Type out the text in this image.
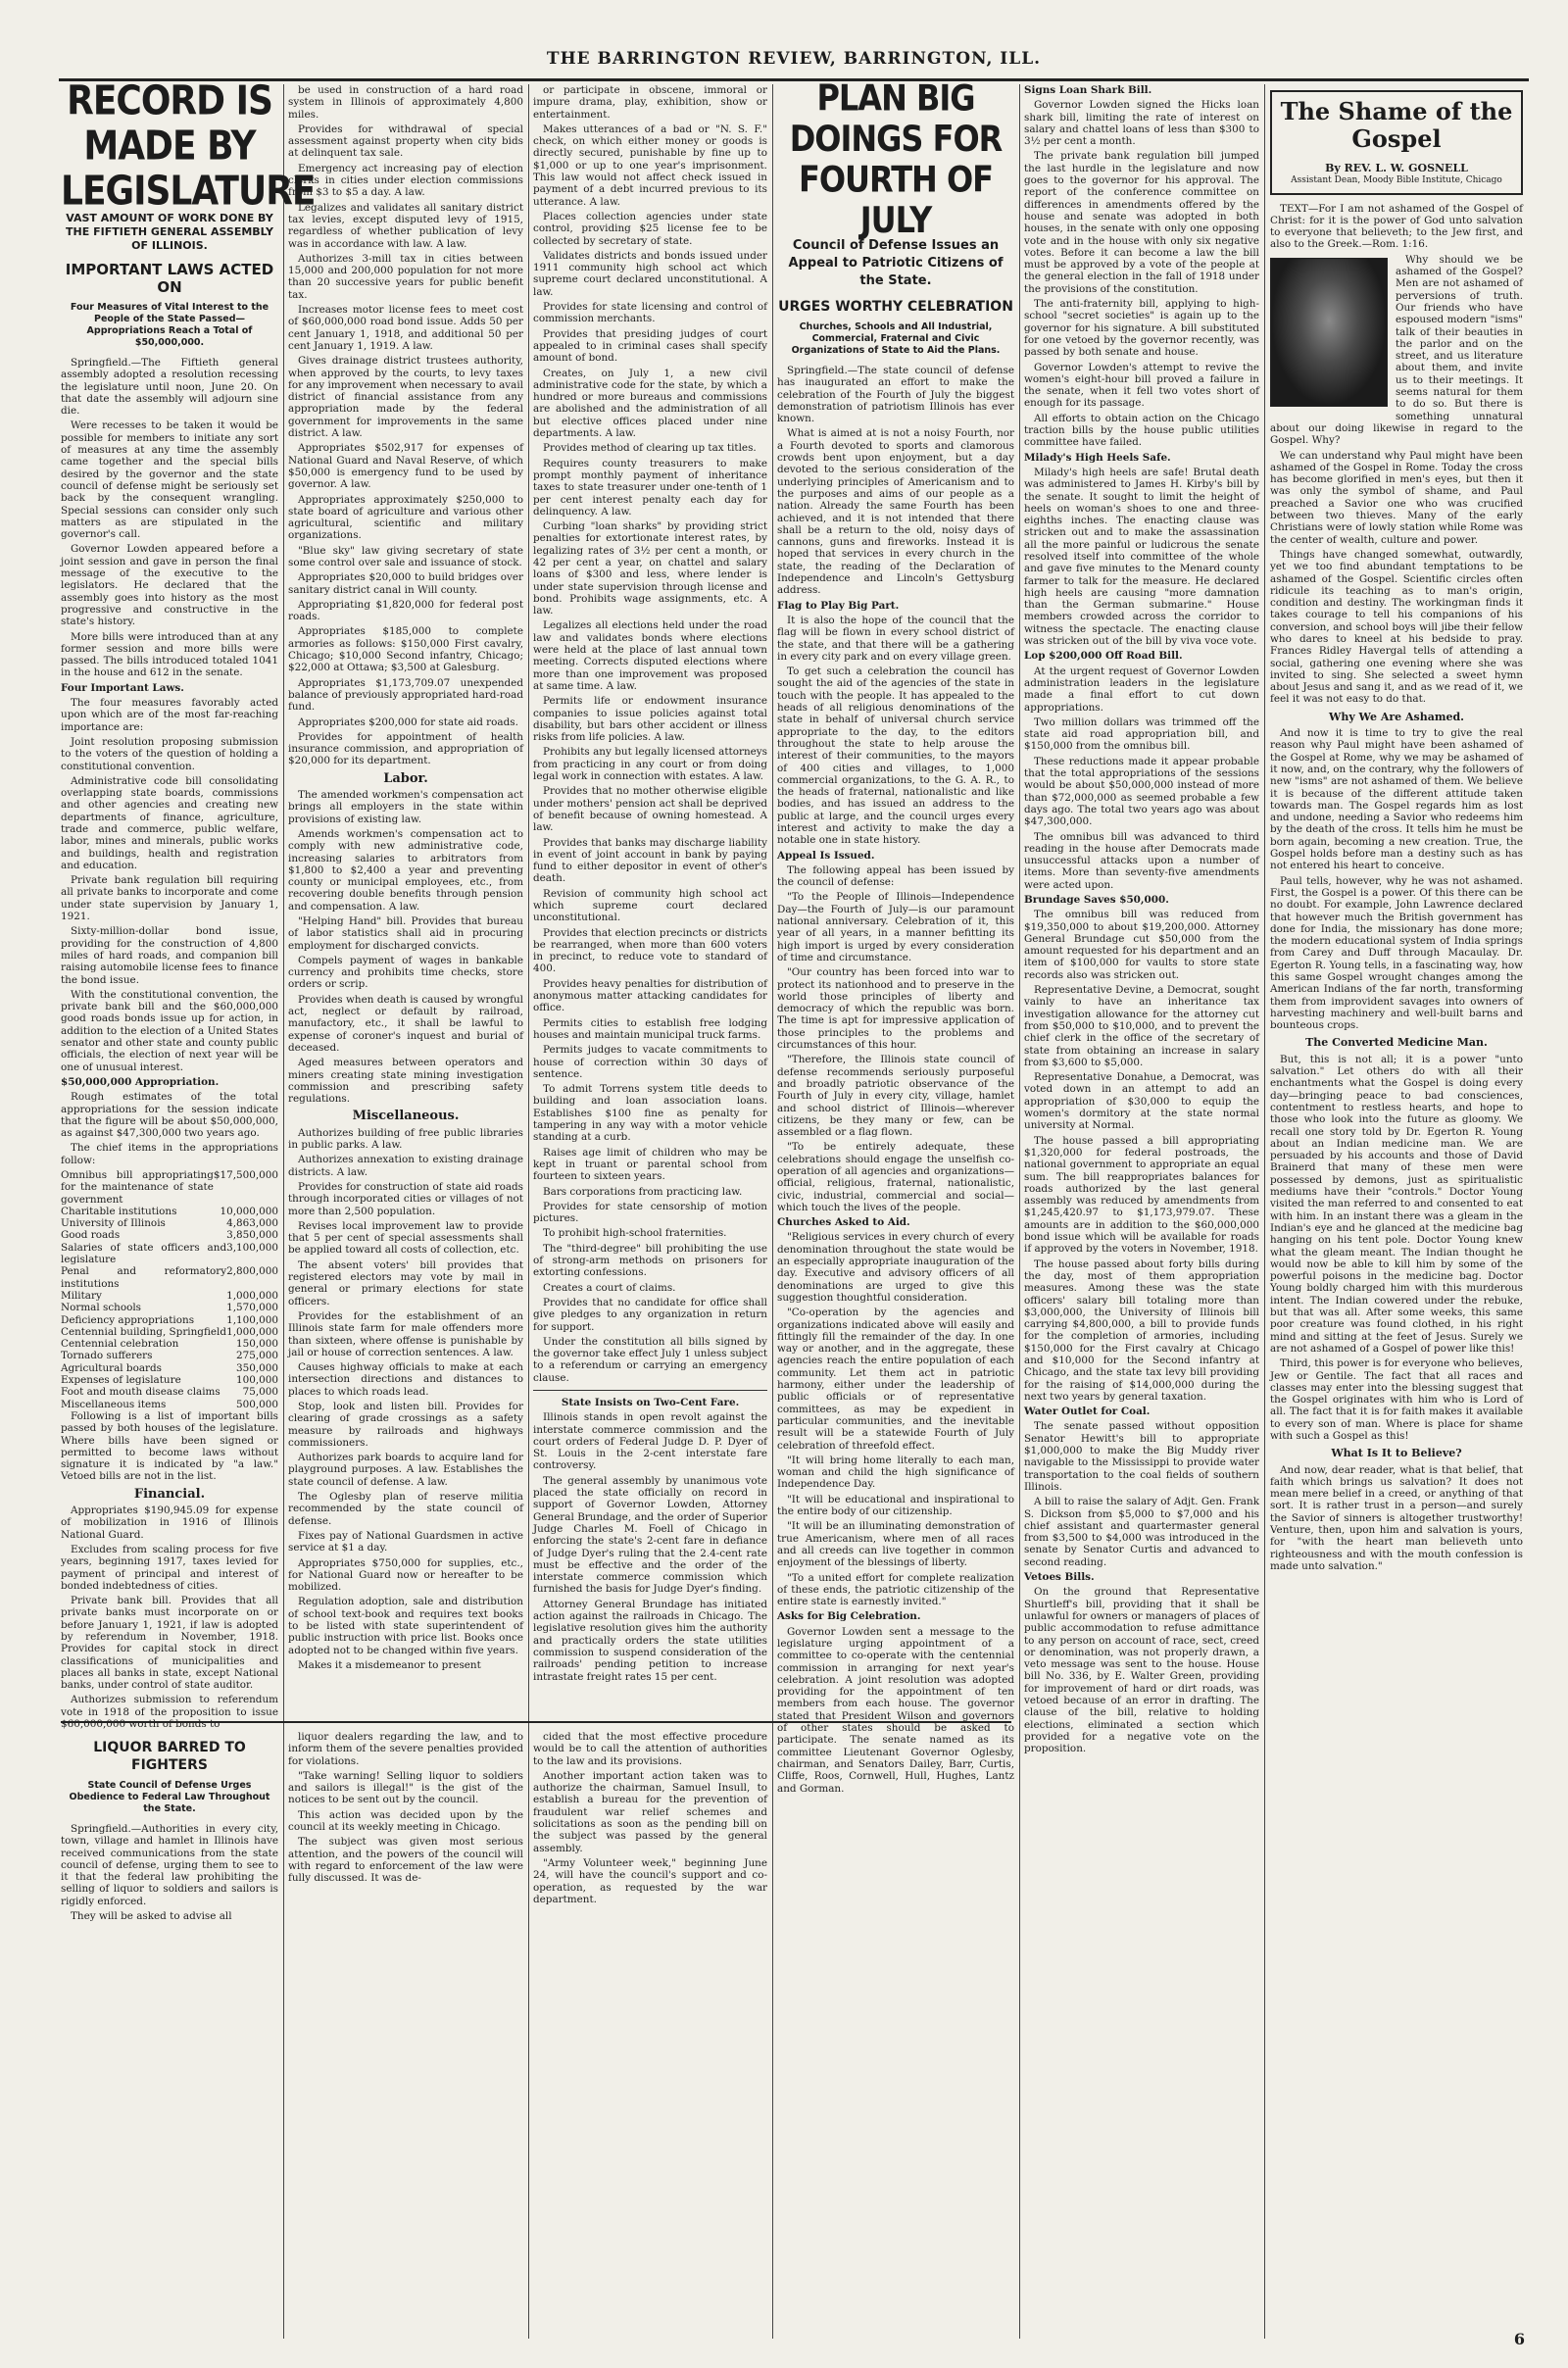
THE BARRINGTON REVIEW, BARRINGTON, ILL.
RECORD IS MADE BY LEGISLATURE
VAST AMOUNT OF WORK DONE BY THE FIFTIETH GENERAL ASSEMBLY OF ILLINOIS.
IMPORTANT LAWS ACTED ON
Four Measures of Vital Interest to the People of the State Passed—Appropriations Reach a Total of $50,000,000.

Springfield.—The Fiftieth general assembly adopted a resolution recessing the legislature until noon, June 20. On that date the assembly will adjourn sine die.

Were recesses to be taken it would be possible for members to initiate any sort of measures at any time the assembly came together and the special bills desired by the governor and the state council of defense might be seriously set back by the consequent wrangling. Special sessions can consider only such matters as are stipulated in the governor's call.

Governor Lowden appeared before a joint session and gave in person the final message of the executive to the legislators. He declared that the assembly goes into history as the most progressive and constructive in the state's history.

More bills were introduced than at any former session and more bills were passed. The bills introduced totaled 1041 in the house and 612 in the senate.

Four Important Laws.

The four measures favorably acted upon which are of the most far-reaching importance are:

Joint resolution proposing submission to the voters of the question of holding a constitutional convention.

Administrative code bill consolidating overlapping state boards, commissions and other agencies and creating new departments of finance, agriculture, trade and commerce, public welfare, labor, mines and minerals, public works and buildings, health and registration and education.

Private bank regulation bill requiring all private banks to incorporate and come under state supervision by January 1, 1921.

Sixty-million-dollar bond issue, providing for the construction of 4,800 miles of hard roads, and companion bill raising automobile license fees to finance the bond issue.

With the constitutional convention, the private bank bill and the $60,000,000 good roads bonds issue up for action, in addition to the election of a United States senator and other state and county public officials, the election of next year will be one of unusual interest.

$50,000,000 Appropriation.

Rough estimates of the total appropriations for the session indicate that the figure will be about $50,000,000, as against $47,300,000 two years ago.

The chief items in the appropriations follow:

Omnibus bill appropriating for the maintenance of state government
$17,500,000
Charitable institutions	10,000,000
University of Illinois	4,863,000
Good roads	3,850,000
Salaries of state officers and legislature
3,100,000
Penal and reformatory institutions
2,800,000
Military	1,000,000
Normal schools	1,570,000
Deficiency appropriations	1,100,000
Centennial building, Springfield 1,000,000
Centennial celebration	150,000
Tornado sufferers	275,000
Agricultural boards	350,000
Expenses of legislature	100,000
Foot and mouth disease claims 75,000
Miscellaneous items	500,000

Following is a list of important bills passed by both houses of the legislature. Where bills have been signed or permitted to become laws without signature it is indicated by "a law." Vetoed bills are not in the list.

Financial.

Appropriates $190,945.09 for expense of mobilization in 1916 of Illinois National Guard.

Excludes from scaling process for five years, beginning 1917, taxes levied for payment of principal and interest of bonded indebtedness of cities.

Private bank bill. Provides that all private banks must incorporate on or before January 1, 1921, if law is adopted by referendum in November, 1918. Provides for capital stock in direct classifications of municipalities and places all banks in state, except National banks, under control of state auditor.

Authorizes submission to referendum vote in 1918 of the proposition to issue $60,000,000 worth of bonds to

be used in construction of a hard road system in Illinois of approximately 4,800 miles.

Provides for withdrawal of special assessment against property when city bids at delinquent tax sale.

Emergency act increasing pay of election clerks in cities under election commissions from $3 to $5 a day. A law.

Legalizes and validates all sanitary district tax levies, except disputed levy of 1915, regardless of whether publication of levy was in accordance with law. A law.

Authorizes 3-mill tax in cities between 15,000 and 200,000 population for not more than 20 successive years for public benefit tax.

Increases motor license fees to meet cost of $60,000,000 road bond issue. Adds 50 per cent January 1, 1918, and additional 50 per cent January 1, 1919. A law.

Gives drainage district trustees authority, when approved by the courts, to levy taxes for any improvement when necessary to avail district of financial assistance from any appropriation made by the federal government for improvements in the same district. A law.

Appropriates $502,917 for expenses of National Guard and Naval Reserve, of which $50,000 is emergency fund to be used by governor. A law.

Appropriates approximately $250,000 to state board of agriculture and various other agricultural, scientific and military organizations.

"Blue sky" law giving secretary of state some control over sale and issuance of stock.

Appropriates $20,000 to build bridges over sanitary district canal in Will county.

Appropriating $1,820,000 for federal post roads.

Appropriates $185,000 to complete armories as follows: $150,000 First cavalry, Chicago; $10,000 Second infantry, Chicago; $22,000 at Ottawa; $3,500 at Galesburg.

Appropriates $1,173,709.07 unexpended balance of previously appropriated hard-road fund.

Appropriates $200,000 for state aid roads.

Provides for appointment of health insurance commission, and appropriation of $20,000 for its department.

Labor.

The amended workmen's compensation act brings all employers in the state within provisions of existing law.

Amends workmen's compensation act to comply with new administrative code, increasing salaries to arbitrators from $1,800 to $2,400 a year and preventing county or municipal employees, etc., from recovering double benefits through pension and compensation. A law.

"Helping Hand" bill. Provides that bureau of labor statistics shall aid in procuring employment for discharged convicts.

Compels payment of wages in bankable currency and prohibits time checks, store orders or scrip.

Provides when death is caused by wrongful act, neglect or default by railroad, manufactory, etc., it shall be lawful to expense of coroner's inquest and burial of deceased.

Aged measures between operators and miners creating state mining investigation commission and prescribing safety regulations.

Miscellaneous.

Authorizes building of free public libraries in public parks. A law.

Authorizes annexation to existing drainage districts. A law.

Provides for construction of state aid roads through incorporated cities or villages of not more than 2,500 population.

Revises local improvement law to provide that 5 per cent of special assessments shall be applied toward all costs of collection, etc.

The absent voters' bill provides that registered electors may vote by mail in general or primary elections for state officers.

Provides for the establishment of an Illinois state farm for male offenders more than sixteen, where offense is punishable by jail or house of correction sentences. A law.

Causes highway officials to make at each intersection directions and distances to places to which roads lead.

Stop, look and listen bill. Provides for clearing of grade crossings as a safety measure by railroads and highways commissioners.

Authorizes park boards to acquire land for playground purposes. A law. Establishes the state council of defense. A law.

The Oglesby plan of reserve militia recommended by the state council of defense.

Fixes pay of National Guardsmen in active service at $1 a day.

Appropriates $750,000 for supplies, etc., for National Guard now or hereafter to be mobilized.

Regulation adoption, sale and distribution of school text-book and requires text books to be listed with state superintendent of public instruction with price list. Books once adopted not to be changed within five years.

Makes it a misdemeanor to present

or participate in obscene, immoral or impure drama, play, exhibition, show or entertainment.

Makes utterances of a bad or "N. S. F." check, on which either money or goods is directly secured, punishable by fine up to $1,000 or up to one year's imprisonment. This law would not affect check issued in payment of a debt incurred previous to its utterance. A law.

Places collection agencies under state control, providing $25 license fee to be collected by secretary of state.

Validates districts and bonds issued under 1911 community high school act which supreme court declared unconstitutional. A law.

Provides for state licensing and control of commission merchants.

Provides that presiding judges of court appealed to in criminal cases shall specify amount of bond.

Creates, on July 1, a new civil administrative code for the state, by which a hundred or more bureaus and commissions are abolished and the administration of all but elective offices placed under nine departments. A law.

Provides method of clearing up tax titles.

Requires county treasurers to make prompt monthly payment of inheritance taxes to state treasurer under one-tenth of 1 per cent interest penalty each day for delinquency. A law.

Curbing "loan sharks" by providing strict penalties for extortionate interest rates, by legalizing rates of 3½ per cent a month, or 42 per cent a year, on chattel and salary loans of $300 and less, where lender is under state supervision through license and bond. Prohibits wage assignments, etc. A law.

Legalizes all elections held under the road law and validates bonds where elections were held at the place of last annual town meeting. Corrects disputed elections where more than one improvement was proposed at same time. A law.

Permits life or endowment insurance companies to issue policies against total disability, but bars other accident or illness risks from life policies. A law.

Prohibits any but legally licensed attorneys from practicing in any court or from doing legal work in connection with estates. A law.

Provides that no mother otherwise eligible under mothers' pension act shall be deprived of benefit because of owning homestead. A law.

Provides that banks may discharge liability in event of joint account in bank by paying fund to either depositor in event of other's death.

Revision of community high school act which supreme court declared unconstitutional.

Provides that election precincts or districts be rearranged, when more than 600 voters in precinct, to reduce vote to standard of 400.

Provides heavy penalties for distribution of anonymous matter attacking candidates for office.

Permits cities to establish free lodging houses and maintain municipal truck farms.

Permits judges to vacate commitments to house of correction within 30 days of sentence.

To admit Torrens system title deeds to building and loan association loans. Establishes $100 fine as penalty for tampering in any way with a motor vehicle standing at a curb.

Raises age limit of children who may be kept in truant or parental school from fourteen to sixteen years.

Bars corporations from practicing law.

Provides for state censorship of motion pictures.

To prohibit high-school fraternities.

The "third-degree" bill prohibiting the use of strong-arm methods on prisoners for extorting confessions.

Creates a court of claims.

Provides that no candidate for office shall give pledges to any organization in return for support.

Under the constitution all bills signed by the governor take effect July 1 unless subject to a referendum or carrying an emergency clause.

State Insists on Two-Cent Fare.

Illinois stands in open revolt against the interstate commerce commission and the court orders of Federal Judge D. P. Dyer of St. Louis in the 2-cent interstate fare controversy.

The general assembly by unanimous vote placed the state officially on record in support of Governor Lowden, Attorney General Brundage, and the order of Superior Judge Charles M. Foell of Chicago in enforcing the state's 2-cent fare in defiance of Judge Dyer's ruling that the 2.4-cent rate must be effective and the order of the interstate commerce commission which furnished the basis for Judge Dyer's finding.

Attorney General Brundage has initiated action against the railroads in Chicago. The legislative resolution gives him the authority and practically orders the state utilities commission to suspend consideration of the railroads' pending petition to increase intrastate freight rates 15 per cent.

PLAN BIG DOINGS FOR FOURTH OF JULY
Council of Defense Issues an Appeal to Patriotic Citizens of the State.
URGES WORTHY CELEBRATION
Churches, Schools and All Industrial, Commercial, Fraternal and Civic Organizations of State to Aid the Plans.

Springfield.—The state council of defense has inaugurated an effort to make the celebration of the Fourth of July the biggest demonstration of patriotism Illinois has ever known.

What is aimed at is not a noisy Fourth, nor a Fourth devoted to sports and clamorous crowds bent upon enjoyment, but a day devoted to the serious consideration of the underlying principles of Americanism and to the purposes and aims of our people as a nation. Already the same Fourth has been achieved, and it is not intended that there shall be a return to the old, noisy days of cannons, guns and fireworks. Instead it is hoped that services in every church in the state, the reading of the Declaration of Independence and Lincoln's Gettysburg address.

Flag to Play Big Part.

It is also the hope of the council that the flag will be flown in every school district of the state, and that there will be a gathering in every city park and on every village green.

To get such a celebration the council has sought the aid of the agencies of the state in touch with the people. It has appealed to the heads of all religious denominations of the state in behalf of universal church service appropriate to the day, to the editors throughout the state to help arouse the interest of their communities, to the mayors of 400 cities and villages, to 1,000 commercial organizations, to the G. A. R., to the heads of fraternal, nationalistic and like bodies, and has issued an address to the public at large, and the council urges every interest and activity to make the day a notable one in state history.

Appeal Is Issued.

The following appeal has been issued by the council of defense:

"To the People of Illinois—Independence Day—the Fourth of July—is our paramount national anniversary. Celebration of it, this year of all years, in a manner befitting its high import is urged by every consideration of time and circumstance.

"Our country has been forced into war to protect its nationhood and to preserve in the world those principles of liberty and democracy of which the republic was born. The time is apt for impressive application of those principles to the problems and circumstances of this hour.

"Therefore, the Illinois state council of defense recommends seriously purposeful and broadly patriotic observance of the Fourth of July in every city, village, hamlet and school district of Illinois—wherever citizens, be they many or few, can be assembled or a flag flown.

"To be entirely adequate, these celebrations should engage the unselfish co-operation of all agencies and organizations—official, religious, fraternal, nationalistic, civic, industrial, commercial and social—which touch the lives of the people.

Churches Asked to Aid.

"Religious services in every church of every denomination throughout the state would be an especially appropriate inauguration of the day. Executive and advisory officers of all denominations are urged to give this suggestion thoughtful consideration.

"Co-operation by the agencies and organizations indicated above will easily and fittingly fill the remainder of the day. In one way or another, and in the aggregate, these agencies reach the entire population of each community. Let them act in patriotic harmony, either under the leadership of public officials or of representative committees, as may be expedient in particular communities, and the inevitable result will be a statewide Fourth of July celebration of threefold effect.

"It will bring home literally to each man, woman and child the high significance of Independence Day.

"It will be educational and inspirational to the entire body of our citizenship.

"It will be an illuminating demonstration of true Americanism, where men of all races and all creeds can live together in common enjoyment of the blessings of liberty.

"To a united effort for complete realization of these ends, the patriotic citizenship of the entire state is earnestly invited."

Asks for Big Celebration.

Governor Lowden sent a message to the legislature urging appointment of a committee to co-operate with the centennial commission in arranging for next year's celebration. A joint resolution was adopted providing for the appointment of ten members from each house. The governor stated that President Wilson and governors of other states should be asked to participate. The senate named as its committee Lieutenant Governor Oglesby, chairman, and Senators Dailey, Barr, Curtis, Cliffe, Roos, Cornwell, Hull, Hughes, Lantz and Gorman.

Signs Loan Shark Bill.

Governor Lowden signed the Hicks loan shark bill, limiting the rate of interest on salary and chattel loans of less than $300 to 3½ per cent a month.

The private bank regulation bill jumped the last hurdle in the legislature and now goes to the governor for his approval. The report of the conference committee on differences in amendments offered by the house and senate was adopted in both houses, in the senate with only one opposing vote and in the house with only six negative votes. Before it can become a law the bill must be approved by a vote of the people at the general election in the fall of 1918 under the provisions of the constitution.

The anti-fraternity bill, applying to high-school "secret societies" is again up to the governor for his signature. A bill substituted for one vetoed by the governor recently, was passed by both senate and house.

Governor Lowden's attempt to revive the women's eight-hour bill proved a failure in the senate, when it fell two votes short of enough for its passage.

All efforts to obtain action on the Chicago traction bills by the house public utilities committee have failed.

Milady's High Heels Safe.

Milady's high heels are safe! Brutal death was administered to James H. Kirby's bill by the senate. It sought to limit the height of heels on woman's shoes to one and three-eighths inches. The enacting clause was stricken out and to make the assassination all the more painful or ludicrous the senate resolved itself into committee of the whole and gave five minutes to the Menard county farmer to talk for the measure. He declared high heels are causing "more damnation than the German submarine." House members crowded across the corridor to witness the spectacle. The enacting clause was stricken out of the bill by viva voce vote.

Lop $200,000 Off Road Bill.

At the urgent request of Governor Lowden administration leaders in the legislature made a final effort to cut down appropriations.

Two million dollars was trimmed off the state aid road appropriation bill, and $150,000 from the omnibus bill.

These reductions made it appear probable that the total appropriations of the sessions would be about $50,000,000 instead of more than $72,000,000 as seemed probable a few days ago. The total two years ago was about $47,300,000.

The omnibus bill was advanced to third reading in the house after Democrats made unsuccessful attacks upon a number of items. More than seventy-five amendments were acted upon.

Brundage Saves $50,000.

The omnibus bill was reduced from $19,350,000 to about $19,200,000. Attorney General Brundage cut $50,000 from the amount requested for his department and an item of $100,000 for vaults to store state records also was stricken out.

Representative Devine, a Democrat, sought vainly to have an inheritance tax investigation allowance for the attorney cut from $50,000 to $10,000, and to prevent the chief clerk in the office of the secretary of state from obtaining an increase in salary from $3,600 to $5,000.

Representative Donahue, a Democrat, was voted down in an attempt to add an appropriation of $30,000 to equip the women's dormitory at the state normal university at Normal.

The house passed a bill appropriating $1,320,000 for federal postroads, the national government to appropriate an equal sum. The bill reappropriates balances for roads authorized by the last general assembly was reduced by amendments from $1,245,420.97 to $1,173,979.07. These amounts are in addition to the $60,000,000 bond issue which will be available for roads if approved by the voters in November, 1918.

The house passed about forty bills during the day, most of them appropriation measures. Among these was the state officers' salary bill totaling more than $3,000,000, the University of Illinois bill carrying $4,800,000, a bill to provide funds for the completion of armories, including $150,000 for the First cavalry at Chicago and $10,000 for the Second infantry at Chicago, and the state tax levy bill providing for the raising of $14,000,000 during the next two years by general taxation.

Water Outlet for Coal.

The senate passed without opposition Senator Hewitt's bill to appropriate $1,000,000 to make the Big Muddy river navigable to the Mississippi to provide water transportation to the coal fields of southern Illinois.

A bill to raise the salary of Adjt. Gen. Frank S. Dickson from $5,000 to $7,000 and his chief assistant and quartermaster general from $3,500 to $4,000 was introduced in the senate by Senator Curtis and advanced to second reading.

Vetoes Bills.

On the ground that Representative Shurtleff's bill, providing that it shall be unlawful for owners or managers of places of public accommodation to refuse admittance to any person on account of race, sect, creed or denomination, was not properly drawn, a veto message was sent to the house. House bill No. 336, by E. Walter Green, providing for improvement of hard or dirt roads, was vetoed because of an error in drafting. The clause of the bill, relative to holding elections, eliminated a section which provided for a negative vote on the proposition.

The Shame of the Gospel
By REV. L. W. GOSNELL
Assistant Dean, Moody Bible Institute, Chicago

TEXT—For I am not ashamed of the Gospel of Christ: for it is the power of God unto salvation to everyone that believeth; to the Jew first, and also to the Greek.—Rom. 1:16.

Why should we be ashamed of the Gospel? Men are not ashamed of perversions of truth. Our friends who have espoused modern "isms" talk of their beauties in the parlor and on the street, and us literature about them, and invite us to their meetings. It seems natural for them to do so. But there is something unnatural about our doing likewise in regard to the Gospel. Why?

We can understand why Paul might have been ashamed of the Gospel in Rome. Today the cross has become glorified in men's eyes, but then it was only the symbol of shame, and Paul preached a Savior one who was crucified between two thieves. Many of the early Christians were of lowly station while Rome was the center of wealth, culture and power.

Things have changed somewhat, outwardly, yet we too find abundant temptations to be ashamed of the Gospel. Scientific circles often ridicule its teaching as to man's origin, condition and destiny. The workingman finds it takes courage to tell his companions of his conversion, and school boys will jibe their fellow who dares to kneel at his bedside to pray. Frances Ridley Havergal tells of attending a social, gathering one evening where she was invited to sing. She selected a sweet hymn about Jesus and sang it, and as we read of it, we feel it was not easy to do that.

Why We Are Ashamed.

And now it is time to try to give the real reason why Paul might have been ashamed of the Gospel at Rome, why we may be ashamed of it now, and, on the contrary, why the followers of new "isms" are not ashamed of them. We believe it is because of the different attitude taken towards man. The Gospel regards him as lost and undone, needing a Savior who redeems him by the death of the cross. It tells him he must be born again, becoming a new creation. True, the Gospel holds before man a destiny such as has not entered his heart to conceive.

Paul tells, however, why he was not ashamed. First, the Gospel is a power. Of this there can be no doubt. For example, John Lawrence declared that however much the British government has done for India, the missionary has done more; the modern educational system of India springs from Carey and Duff through Macaulay. Dr. Egerton R. Young tells, in a fascinating way, how this same Gospel wrought changes among the American Indians of the far north, transforming them from improvident savages into owners of harvesting machinery and well-built barns and bounteous crops.

The Converted Medicine Man.

But, this is not all; it is a power "unto salvation." Let others do with all their enchantments what the Gospel is doing every day—bringing peace to bad consciences, contentment to restless hearts, and hope to those who look into the future as gloomy. We recall one story told by Dr. Egerton R. Young about an Indian medicine man. We are persuaded by his accounts and those of David Brainerd that many of these men were possessed by demons, just as spiritualistic mediums have their "controls." Doctor Young visited the man referred to and consented to eat with him. In an instant there was a gleam in the Indian's eye and he glanced at the medicine bag hanging on his tent pole. Doctor Young knew what the gleam meant. The Indian thought he would now be able to kill him by some of the powerful poisons in the medicine bag. Doctor Young boldly charged him with this murderous intent. The Indian cowered under the rebuke, but that was all. After some weeks, this same poor creature was found clothed, in his right mind and sitting at the feet of Jesus. Surely we are not ashamed of a Gospel of power like this!

Third, this power is for everyone who believes, Jew or Gentile. The fact that all races and classes may enter into the blessing suggest that the Gospel originates with him who is Lord of all. The fact that it is for faith makes it available to every son of man. Where is place for shame with such a Gospel as this!

What Is It to Believe?

And now, dear reader, what is that belief, that faith which brings us salvation? It does not mean mere belief in a creed, or anything of that sort. It is rather trust in a person—and surely the Savior of sinners is altogether trustworthy! Venture, then, upon him and salvation is yours, for "with the heart man believeth unto righteousness and with the mouth confession is made unto salvation."

LIQUOR BARRED TO FIGHTERS
State Council of Defense Urges Obedience to Federal Law Throughout the State.

Springfield.—Authorities in every city, town, village and hamlet in Illinois have received communications from the state council of defense, urging them to see to it that the federal law prohibiting the selling of liquor to soldiers and sailors is rigidly enforced.

They will be asked to advise all

liquor dealers regarding the law, and to inform them of the severe penalties provided for violations.

"Take warning! Selling liquor to soldiers and sailors is illegal!" is the gist of the notices to be sent out by the council.

This action was decided upon by the council at its weekly meeting in Chicago.

The subject was given most serious attention, and the powers of the council will with regard to enforcement of the law were fully discussed. It was de-

cided that the most effective procedure would be to call the attention of authorities to the law and its provisions.

Another important action taken was to authorize the chairman, Samuel Insull, to establish a bureau for the prevention of fraudulent war relief schemes and solicitations as soon as the pending bill on the subject was passed by the general assembly.

"Army Volunteer week," beginning June 24, will have the council's support and co-operation, as requested by the war department.

6
